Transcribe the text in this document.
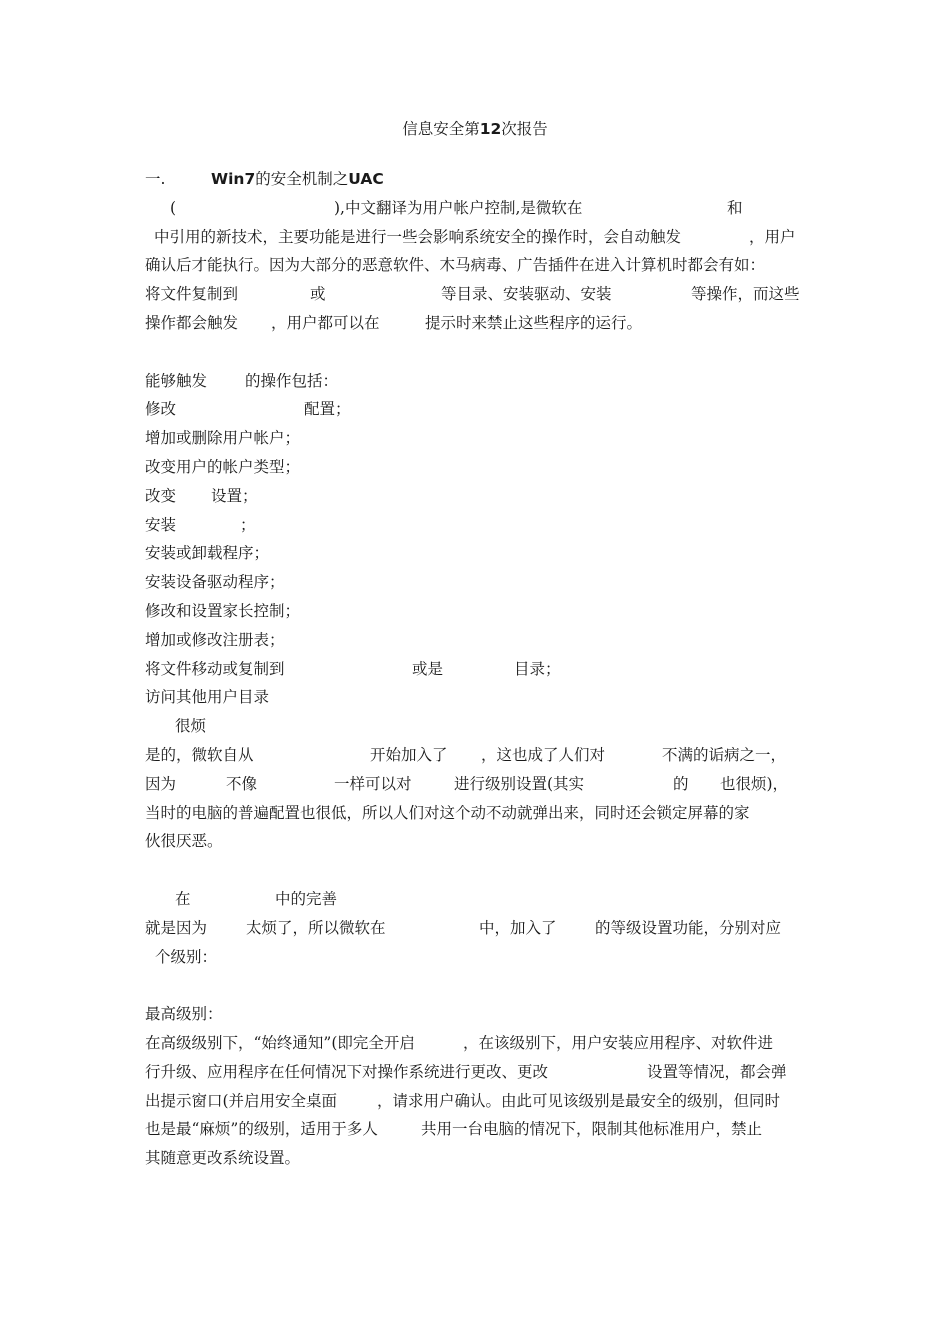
信息安全第12次报告
一.	Win7的安全机制之UAC
(	),中文翻译为用户帐户控制,是微软在	和
中引用的新技术，主要功能是进行一些会影响系统安全的操作时，会自动触发	，用户
确认后才能执行。因为大部分的恶意软件、木马病毒、广告插件在进入计算机时都会有如：
将文件复制到	或	等目录、安装驱动、安装	等操作，而这些
操作都会触发 ，用户都可以在	提示时来禁止这些程序的运行。
能够触发 的操作包括：
修改	配置；
增加或删除用户帐户；
改变用户的帐户类型；
改变 设置；
安装	；
安装或卸载程序；
安装设备驱动程序；
修改和设置家长控制；
增加或修改注册表；
将文件移动或复制到	或是	目录；
访问其他用户目录
很烦
是的，微软自从	开始加入了 ，这也成了人们对	不满的诟病之一，
因为	不像	一样可以对	进行级别设置(其实	的 也很烦)，
当时的电脑的普遍配置也很低，所以人们对这个动不动就弹出来，同时还会锁定屏幕的家
伙很厌恶。
在	中的完善
就是因为	太烦了，所以微软在	中，加入了 的等级设置功能，分别对应
个级别：
最高级别：
在高级级别下，“始终通知”(即完全开启	，在该级别下，用户安装应用程序、对软件进
行升级、应用程序在任何情况下对操作系统进行更改、更改	设置等情况，都会弹
出提示窗口(并启用安全桌面	，请求用户确认。由此可见该级别是最安全的级别，但同时
也是最“麻烦”的级别，适用于多人	共用一台电脑的情况下，限制其他标准用户，禁止
其随意更改系统设置。
